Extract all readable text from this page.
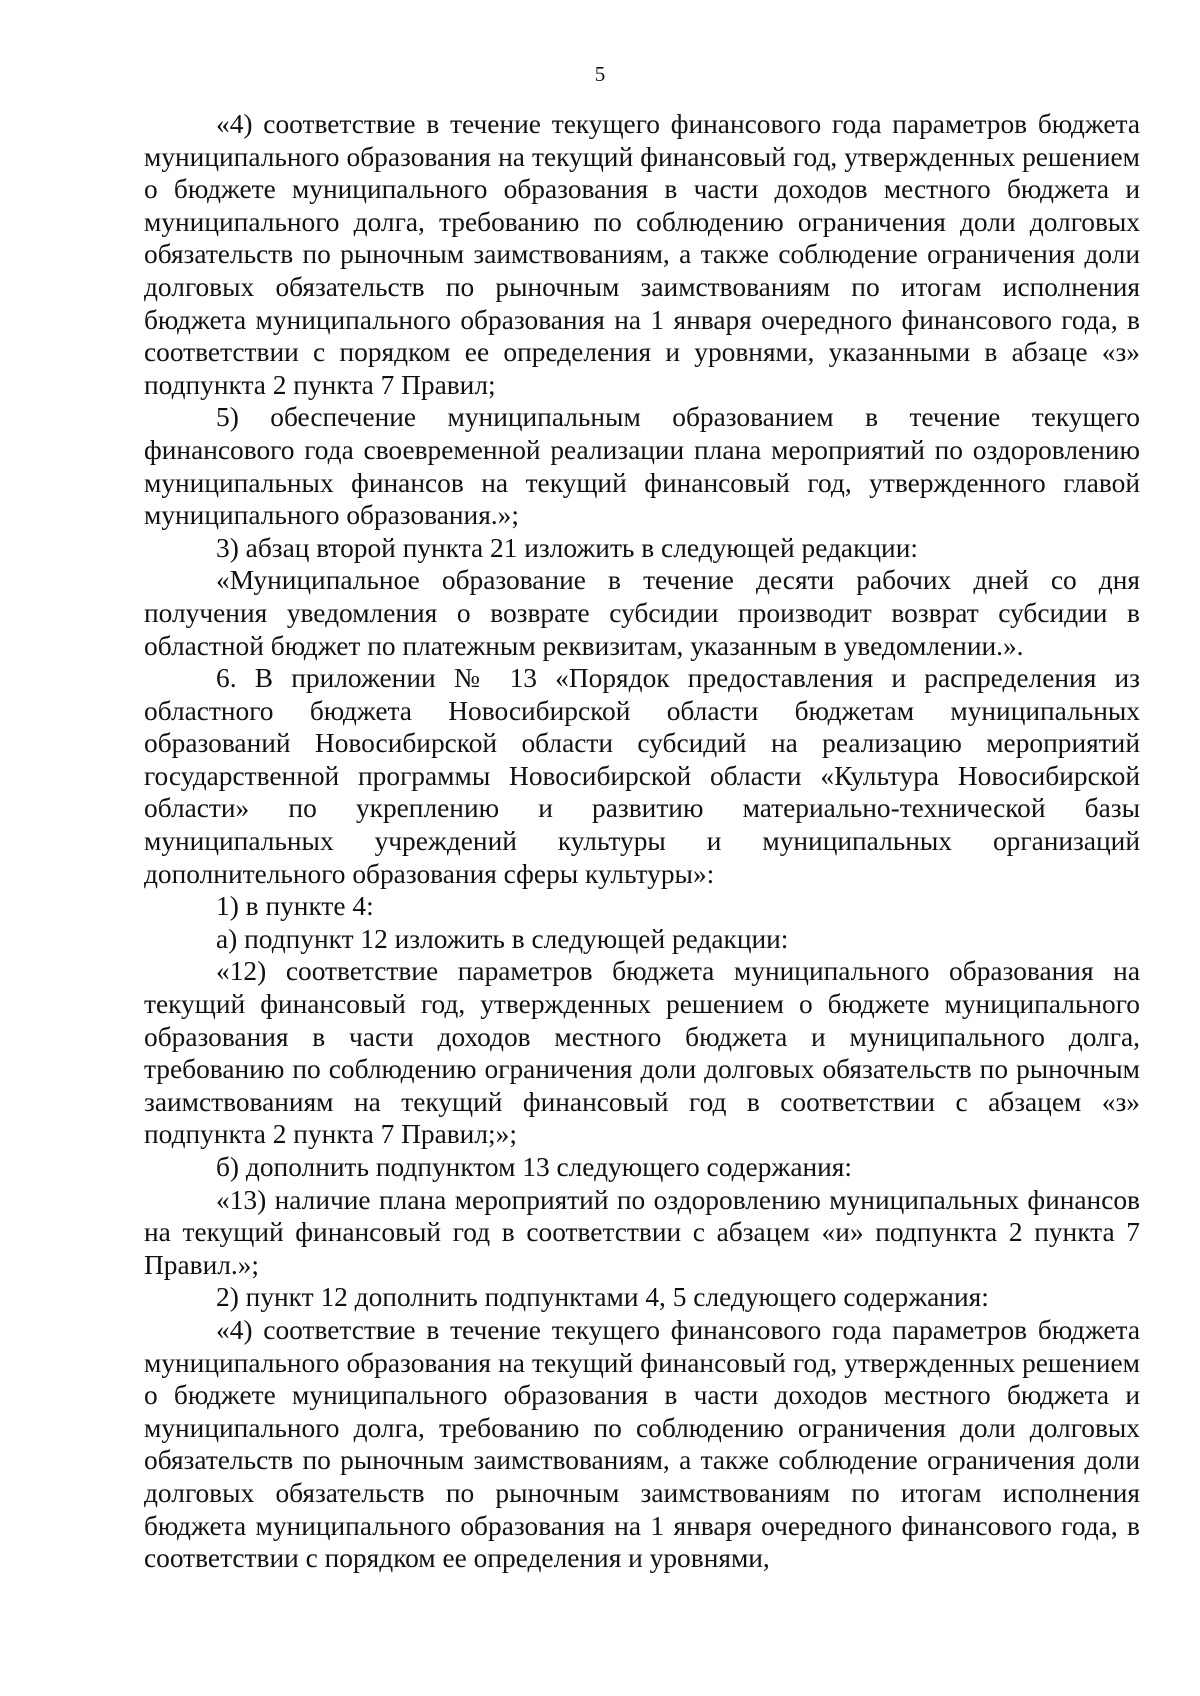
5

«4) соответствие в течение текущего финансового года параметров бюджета муниципального образования на текущий финансовый год, утвержденных решением о бюджете муниципального образования в части доходов местного бюджета и муниципального долга, требованию по соблюдению ограничения доли долговых обязательств по рыночным заимствованиям, а также соблюдение ограничения доли долговых обязательств по рыночным заимствованиям по итогам исполнения бюджета муниципального образования на 1 января очередного финансового года, в соответствии с порядком ее определения и уровнями, указанными в абзаце «з» подпункта 2 пункта 7 Правил;

5) обеспечение муниципальным образованием в течение текущего финансового года своевременной реализации плана мероприятий по оздоровлению муниципальных финансов на текущий финансовый год, утвержденного главой муниципального образования.»;

3) абзац второй пункта 21 изложить в следующей редакции:

«Муниципальное образование в течение десяти рабочих дней со дня получения уведомления о возврате субсидии производит возврат субсидии в областной бюджет по платежным реквизитам, указанным в уведомлении.».

6. В приложении № 13 «Порядок предоставления и распределения из областного бюджета Новосибирской области бюджетам муниципальных образований Новосибирской области субсидий на реализацию мероприятий государственной программы Новосибирской области «Культура Новосибирской области» по укреплению и развитию материально-технической базы муниципальных учреждений культуры и муниципальных организаций дополнительного образования сферы культуры»:

1) в пункте 4:

а) подпункт 12 изложить в следующей редакции:

«12) соответствие параметров бюджета муниципального образования на текущий финансовый год, утвержденных решением о бюджете муниципального образования в части доходов местного бюджета и муниципального долга, требованию по соблюдению ограничения доли долговых обязательств по рыночным заимствованиям на текущий финансовый год в соответствии с абзацем «з» подпункта 2 пункта 7 Правил;»;

б) дополнить подпунктом 13 следующего содержания:

«13) наличие плана мероприятий по оздоровлению муниципальных финансов на текущий финансовый год в соответствии с абзацем «и» подпункта 2 пункта 7 Правил.»;

2) пункт 12 дополнить подпунктами 4, 5 следующего содержания:

«4) соответствие в течение текущего финансового года параметров бюджета муниципального образования на текущий финансовый год, утвержденных решением о бюджете муниципального образования в части доходов местного бюджета и муниципального долга, требованию по соблюдению ограничения доли долговых обязательств по рыночным заимствованиям, а также соблюдение ограничения доли долговых обязательств по рыночным заимствованиям по итогам исполнения бюджета муниципального образования на 1 января очередного финансового года, в соответствии с порядком ее определения и уровнями,
